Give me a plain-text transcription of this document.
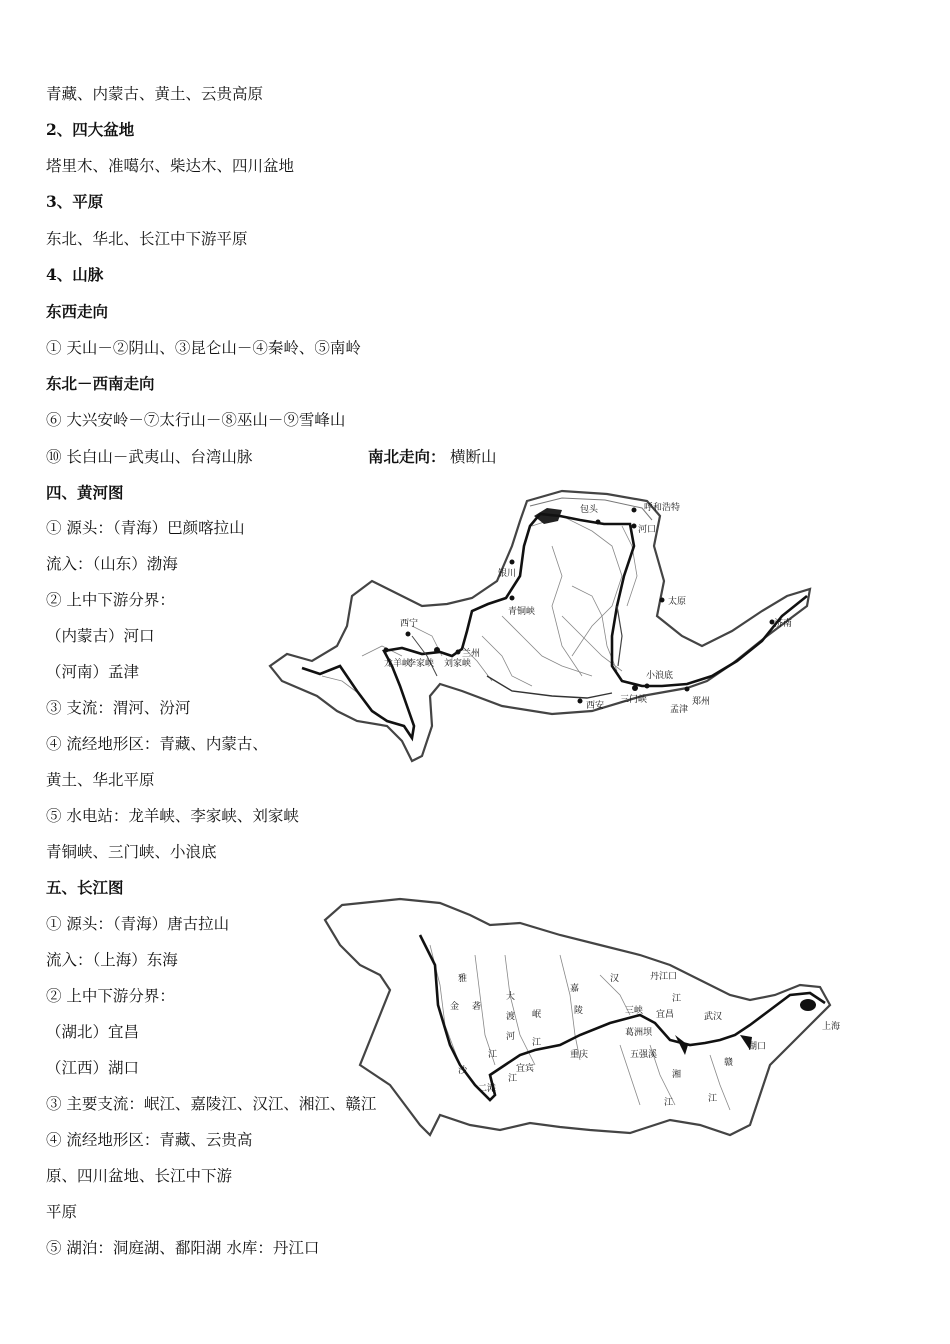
青藏、内蒙古、黄土、云贵高原
2、四大盆地
塔里木、准噶尔、柴达木、四川盆地
3、平原
东北、华北、长江中下游平原
4、山脉
东西走向
① 天山－②阴山、③昆仑山－④秦岭、⑤南岭
东北－西南走向
⑥ 大兴安岭－⑦太行山－⑧巫山－⑨雪峰山
⑩ 长白山－武夷山、台湾山脉	南北走向： 横断山
四、黄河图
① 源头：（青海）巴颜喀拉山
流入：（山东）渤海
② 上中下游分界：
（内蒙古）河口
（河南）孟津
③ 支流：渭河、汾河
④ 流经地形区：青藏、内蒙古、
黄土、华北平原
⑤ 水电站：龙羊峡、李家峡、刘家峡
青铜峡、三门峡、小浪底
五、长江图
① 源头：（青海）唐古拉山
流入：（上海）东海
② 上中下游分界：
（湖北）宜昌
（江西）湖口
③ 主要支流：岷江、嘉陵江、汉江、湘江、赣江
④ 流经地形区：青藏、云贵高
原、四川盆地、长江中下游
平原
⑤ 湖泊：洞庭湖、鄱阳湖 水库：丹江口
包头	呼和浩特
河口
银川
太原
青铜峡
济南
西宁
兰州
龙羊峡
李家峡 刘家峡
小浪底
三门峡
西安	郑州
孟津
雅
金 砻
大
渡
河
岷
江
嘉
陵
汉	丹江口
江
三峡 宜昌	武汉
葛洲坝
重庆
宜宾
五强溪
湘
赣
湖口
上海
沙
江
二滩
江
江	江
